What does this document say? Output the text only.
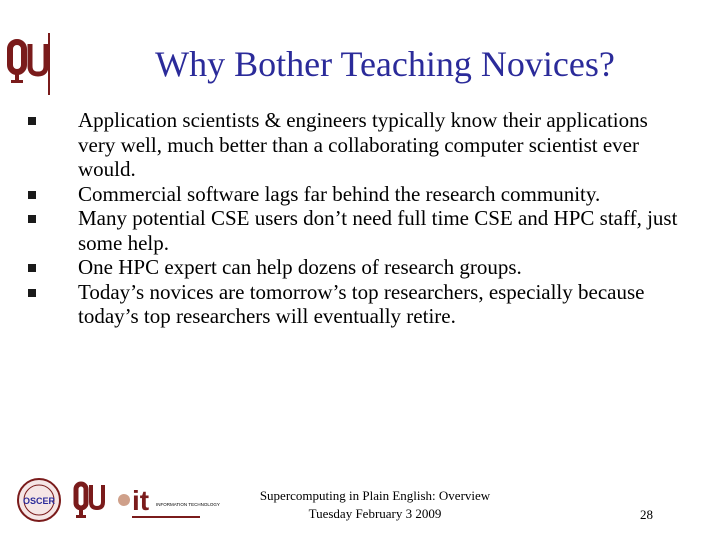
Why Bother Teaching Novices?
Application scientists & engineers typically know their applications very well, much better than a collaborating computer scientist ever would.
Commercial software lags far behind the research community.
Many potential CSE users don’t need full time CSE and HPC staff, just some help.
One HPC expert can help dozens of research groups.
Today’s novices are tomorrow’s top researchers, especially because today’s top researchers will eventually retire.
OSCER	it INFORMATION TECHNOLOGY
Supercomputing in Plain English: Overview
Tuesday February 3 2009	28
